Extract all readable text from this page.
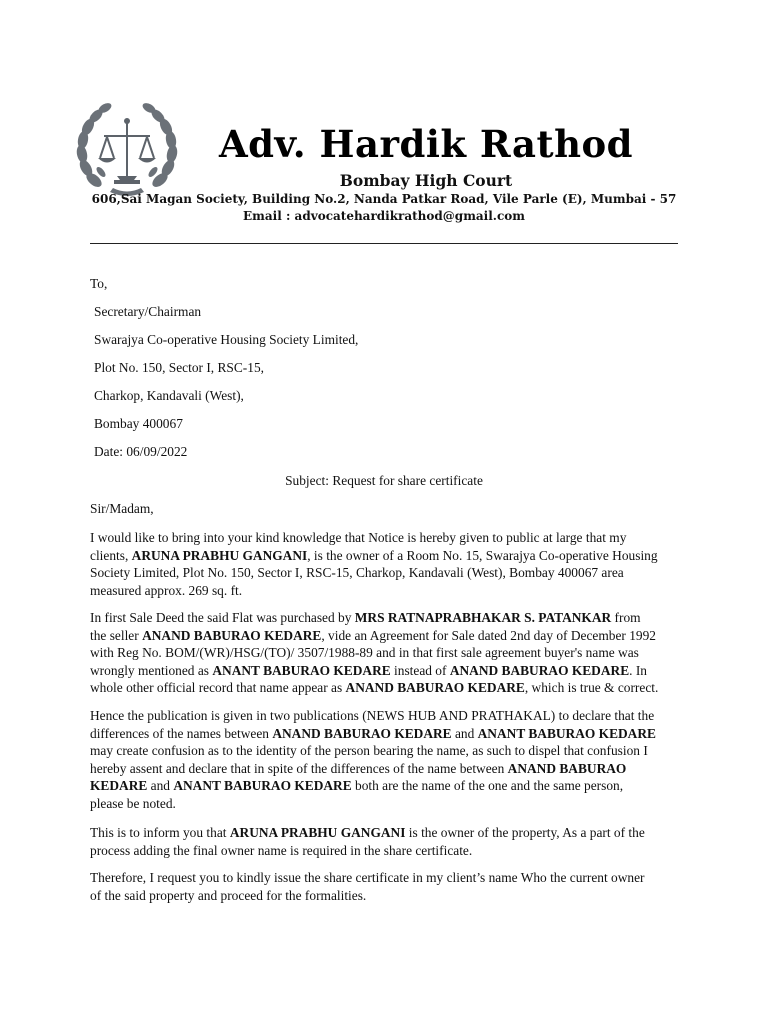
Adv. Hardik Rathod
Bombay High Court
606,Sai Magan Society, Building No.2, Nanda Patkar Road, Vile Parle (E), Mumbai - 57
Email : advocatehardikrathod@gmail.com
To,
Secretary/Chairman
Swarajya Co-operative Housing Society Limited,
Plot No. 150, Sector I, RSC-15,
Charkop, Kandavali (West),
Bombay 400067
Date: 06/09/2022
Subject: Request for share certificate
Sir/Madam,
I would like to bring into your kind knowledge that Notice is hereby given to public at large that my
clients, ARUNA PRABHU GANGANI, is the owner of a Room No. 15, Swarajya Co-operative Housing
Society Limited, Plot No. 150, Sector I, RSC-15, Charkop, Kandavali (West), Bombay 400067 area
measured approx. 269 sq. ft.
In first Sale Deed the said Flat was purchased by MRS RATNAPRABHAKAR S. PATANKAR from
the seller ANAND BABURAO KEDARE, vide an Agreement for Sale dated 2nd day of December 1992
with Reg No. BOM/(WR)/HSG/(TO)/ 3507/1988-89 and in that first sale agreement buyer's name was
wrongly mentioned as ANANT BABURAO KEDARE instead of ANAND BABURAO KEDARE. In
whole other official record that name appear as ANAND BABURAO KEDARE, which is true & correct.
Hence the publication is given in two publications (NEWS HUB AND PRATHAKAL) to declare that the
differences of the names between ANAND BABURAO KEDARE and ANANT BABURAO KEDARE
may create confusion as to the identity of the person bearing the name, as such to dispel that confusion I
hereby assent and declare that in spite of the differences of the name between ANAND BABURAO
KEDARE and ANANT BABURAO KEDARE both are the name of the one and the same person,
please be noted.
This is to inform you that ARUNA PRABHU GANGANI is the owner of the property, As a part of the
process adding the final owner name is required in the share certificate.
Therefore, I request you to kindly issue the share certificate in my client’s name Who the current owner
of the said property and proceed for the formalities.
